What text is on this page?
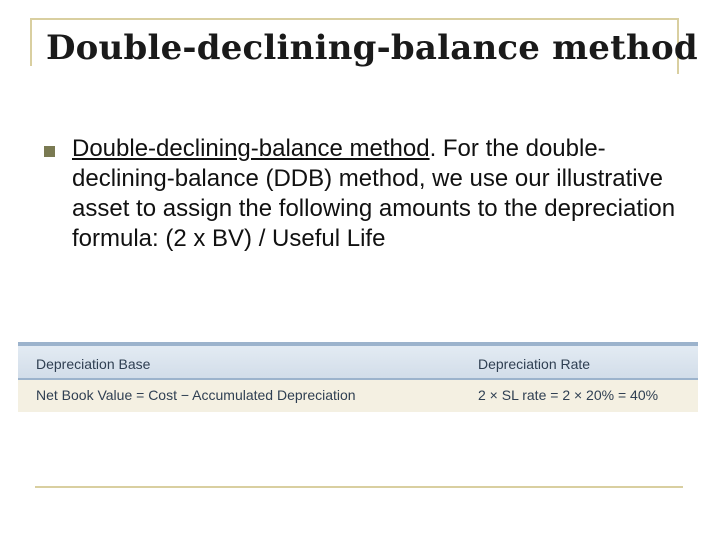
Double-declining-balance method

Double-declining-balance method. For the double-declining-balance (DDB) method, we use our illustrative asset to assign the following amounts to the depreciation formula: (2 x BV) / Useful Life

Depreciation Base	Depreciation Rate
Net Book Value = Cost − Accumulated Depreciation	2 × SL rate = 2 × 20% = 40%
